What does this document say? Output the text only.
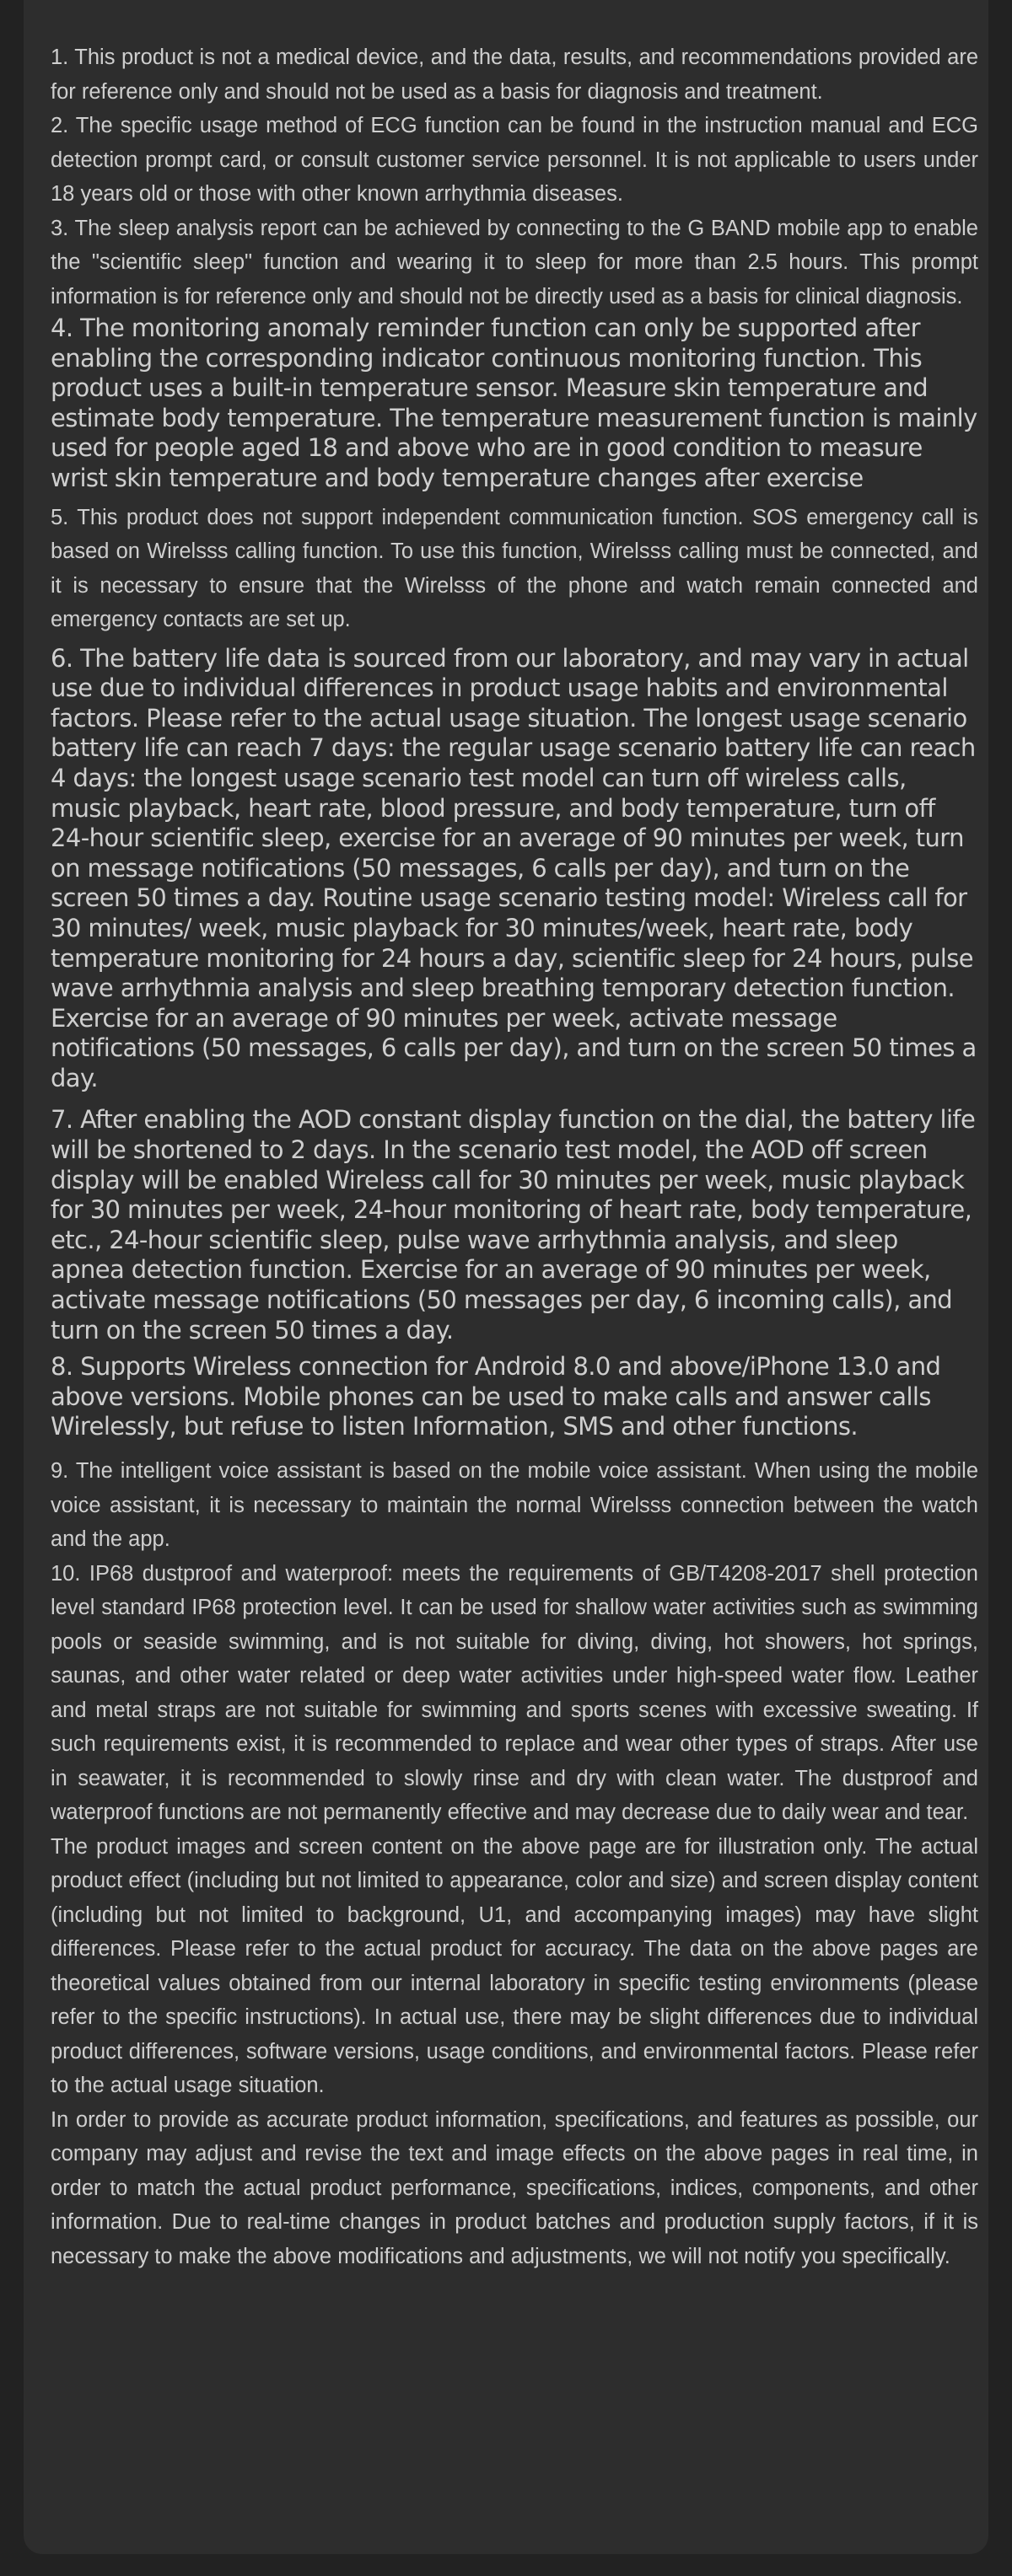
1. This product is not a medical device, and the data, results, and recommendations provided are for reference only and should not be used as a basis for diagnosis and treatment.

2. The specific usage method of ECG function can be found in the instruction manual and ECG detection prompt card, or consult customer service personnel. It is not applicable to users under 18 years old or those with other known arrhythmia diseases.

3. The sleep analysis report can be achieved by connecting to the G BAND mobile app to enable the "scientific sleep" function and wearing it to sleep for more than 2.5 hours. This prompt information is for reference only and should not be directly used as a basis for clinical diagnosis.

4. The monitoring anomaly reminder function can only be supported after enabling the corresponding indicator continuous monitoring function. This product uses a built-in temperature sensor. Measure skin temperature and estimate body temperature. The temperature measurement function is mainly used for people aged 18 and above who are in good condition to measure wrist skin temperature and body temperature changes after exercise

5. This product does not support independent communication function. SOS emergency call is based on Wirelsss calling function. To use this function, Wirelsss calling must be connected, and it is necessary to ensure that the Wirelsss of the phone and watch remain connected and emergency contacts are set up.

6. The battery life data is sourced from our laboratory, and may vary in actual use due to individual differences in product usage habits and environmental factors. Please refer to the actual usage situation. The longest usage scenario battery life can reach 7 days: the regular usage scenario battery life can reach 4 days: the longest usage scenario test model can turn off wireless calls, music playback, heart rate, blood pressure, and body temperature, turn off 24-hour scientific sleep, exercise for an average of 90 minutes per week, turn on message notifications (50 messages, 6 calls per day), and turn on the screen 50 times a day. Routine usage scenario testing model: Wireless call for 30 minutes/ week, music playback for 30 minutes/week, heart rate, body temperature monitoring for 24 hours a day, scientific sleep for 24 hours, pulse wave arrhythmia analysis and sleep breathing temporary detection function. Exercise for an average of 90 minutes per week, activate message notifications (50 messages, 6 calls per day), and turn on the screen 50 times a day.

7. After enabling the AOD constant display function on the dial, the battery life will be shortened to 2 days. In the scenario test model, the AOD off screen display will be enabled Wireless call for 30 minutes per week, music playback for 30 minutes per week, 24-hour monitoring of heart rate, body temperature, etc., 24-hour scientific sleep, pulse wave arrhythmia analysis, and sleep apnea detection function. Exercise for an average of 90 minutes per week, activate message notifications (50 messages per day, 6 incoming calls), and turn on the screen 50 times a day.

8. Supports Wireless connection for Android 8.0 and above/iPhone 13.0 and above versions. Mobile phones can be used to make calls and answer calls Wirelessly, but refuse to listen Information, SMS and other functions.

9. The intelligent voice assistant is based on the mobile voice assistant. When using the mobile voice assistant, it is necessary to maintain the normal Wirelsss connection between the watch and the app.

10. IP68 dustproof and waterproof: meets the requirements of GB/T4208-2017 shell protection level standard IP68 protection level. It can be used for shallow water activities such as swimming pools or seaside swimming, and is not suitable for diving, diving, hot showers, hot springs, saunas, and other water related or deep water activities under high-speed water flow. Leather and metal straps are not suitable for swimming and sports scenes with excessive sweating. If such requirements exist, it is recommended to replace and wear other types of straps. After use in seawater, it is recommended to slowly rinse and dry with clean water. The dustproof and waterproof functions are not permanently effective and may decrease due to daily wear and tear.

The product images and screen content on the above page are for illustration only. The actual product effect (including but not limited to appearance, color and size) and screen display content (including but not limited to background, U1, and accompanying images) may have slight differences. Please refer to the actual product for accuracy. The data on the above pages are theoretical values obtained from our internal laboratory in specific testing environments (please refer to the specific instructions). In actual use, there may be slight differences due to individual product differences, software versions, usage conditions, and environmental factors. Please refer to the actual usage situation.

In order to provide as accurate product information, specifications, and features as possible, our company may adjust and revise the text and image effects on the above pages in real time, in order to match the actual product performance, specifications, indices, components, and other information. Due to real-time changes in product batches and production supply factors, if it is necessary to make the above modifications and adjustments, we will not notify you specifically.
